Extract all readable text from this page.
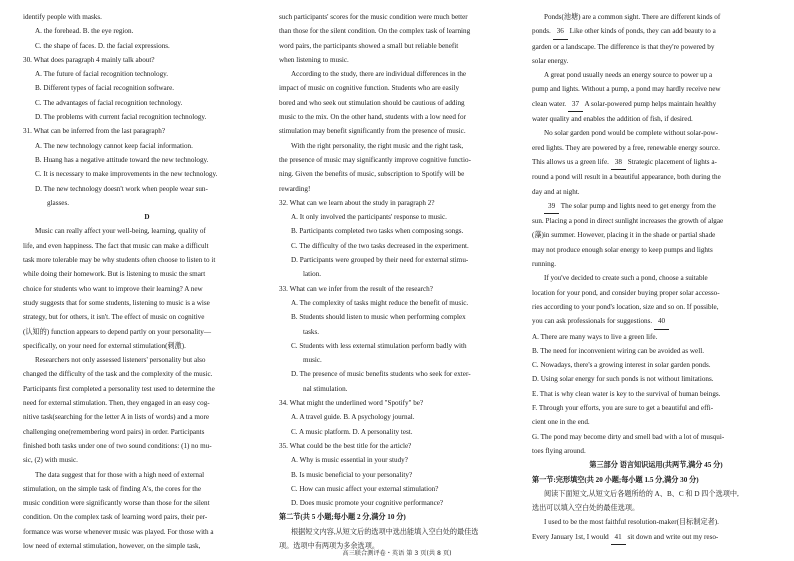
identify people with masks.
A. the forehead. B. the eye region.
C. the shape of faces. D. the facial expressions.
30. What does paragraph 4 mainly talk about?
A. The future of facial recognition technology.
B. Different types of facial recognition software.
C. The advantages of facial recognition technology.
D. The problems with current facial recognition technology.
31. What can be inferred from the last paragraph?
A. The new technology cannot keep facial information.
B. Huang has a negative attitude toward the new technology.
C. It is necessary to make improvements in the new technology.
D. The new technology doesn't work when people wear sun-
glasses.
D
Music can really affect your well-being, learning, quality of
life, and even happiness. The fact that music can make a difficult
task more tolerable may be why students often choose to listen to it
while doing their homework. But is listening to music the smart
choice for students who want to improve their learning? A new
study suggests that for some students, listening to music is a wise
strategy, but for others, it isn't. The effect of music on cognitive
(认知的) function appears to depend partly on your personality—
specifically, on your need for external stimulation(刺激).
Researchers not only assessed listeners' personality but also
changed the difficulty of the task and the complexity of the music.
Participants first completed a personality test used to determine the
need for external stimulation. Then, they engaged in an easy cog-
nitive task(searching for the letter A in lists of words) and a more
challenging one(remembering word pairs) in order. Participants
finished both tasks under one of two sound conditions: (1) no mu-
sic, (2) with music.
The data suggest that for those with a high need of external
stimulation, on the simple task of finding A's, the cores for the
music condition were significantly worse than those for the silent
condition. On the complex task of learning word pairs, their per-
formance was worse whenever music was played. For those with a
low need of external stimulation, however, on the simple task,
such participants' scores for the music condition were much better
than those for the silent condition. On the complex task of learning
word pairs, the participants showed a small but reliable benefit
when listening to music.
According to the study, there are individual differences in the
impact of music on cognitive function. Students who are easily
bored and who seek out stimulation should be cautious of adding
music to the mix. On the other hand, students with a low need for
stimulation may benefit significantly from the presence of music.
With the right personality, the right music and the right task,
the presence of music may significantly improve cognitive functio-
ning. Given the benefits of music, subscription to Spotify will be
rewarding!
32. What can we learn about the study in paragraph 2?
A. It only involved the participants' response to music.
B. Participants completed two tasks when composing songs.
C. The difficulty of the two tasks decreased in the experiment.
D. Participants were grouped by their need for external stimu-
lation.
33. What can we infer from the result of the research?
A. The complexity of tasks might reduce the benefit of music.
B. Students should listen to music when performing complex
tasks.
C. Students with less external stimulation perform badly with
music.
D. The presence of music benefits students who seek for exter-
nal stimulation.
34. What might the underlined word "Spotify" be?
A. A travel guide. B. A psychology journal.
C. A music platform. D. A personality test.
35. What could be the best title for the article?
A. Why is music essential in your study?
B. Is music beneficial to your personality?
C. How can music affect your external stimulation?
D. Does music promote your cognitive performance?
第二节(共 5 小题;每小题 2 分,满分 10 分)
根据短文内容,从短文后的选项中选出能填入空白处的最佳选
项。选项中有两项为多余选项。
Ponds(池塘) are a common sight. There are different kinds of
ponds. 36 Like other kinds of ponds, they can add beauty to a
garden or a landscape. The difference is that they're powered by
solar energy.
A great pond usually needs an energy source to power up a
pump and lights. Without a pump, a pond may hardly receive new
clean water. 37 A solar-powered pump helps maintain healthy
water quality and enables the addition of fish, if desired.
No solar garden pond would be complete without solar-pow-
ered lights. They are powered by a free, renewable energy source.
This allows us a green life. 38 Strategic placement of lights a-
round a pond will result in a beautiful appearance, both during the
day and at night.
39 The solar pump and lights need to get energy from the
sun. Placing a pond in direct sunlight increases the growth of algae
(藻)in summer. However, placing it in the shade or partial shade
may not produce enough solar energy to keep pumps and lights
running.
If you've decided to create such a pond, choose a suitable
location for your pond, and consider buying proper solar accesso-
ries according to your pond's location, size and so on. If possible,
you can ask professionals for suggestions. 40
A. There are many ways to live a green life.
B. The need for inconvenient wiring can be avoided as well.
C. Nowadays, there's a growing interest in solar garden ponds.
D. Using solar energy for such ponds is not without limitations.
E. That is why clean water is key to the survival of human beings.
F. Through your efforts, you are sure to get a beautiful and effi-
cient one in the end.
G. The pond may become dirty and smell bad with a lot of musqui-
toes flying around.
第三部分 语言知识运用(共两节,满分 45 分)
第一节:完形填空(共 20 小题;每小题 1.5 分,满分 30 分)
阅读下面短文,从短文后各题所给的 A、B、C 和 D 四个选项中,
选出可以填入空白处的最佳选项。
I used to be the most faithful resolution-maker(目标制定者).
Every January 1st, I would 41 sit down and write out my reso-
高三联合测评卷・英语 第 3 页(共 8 页)
